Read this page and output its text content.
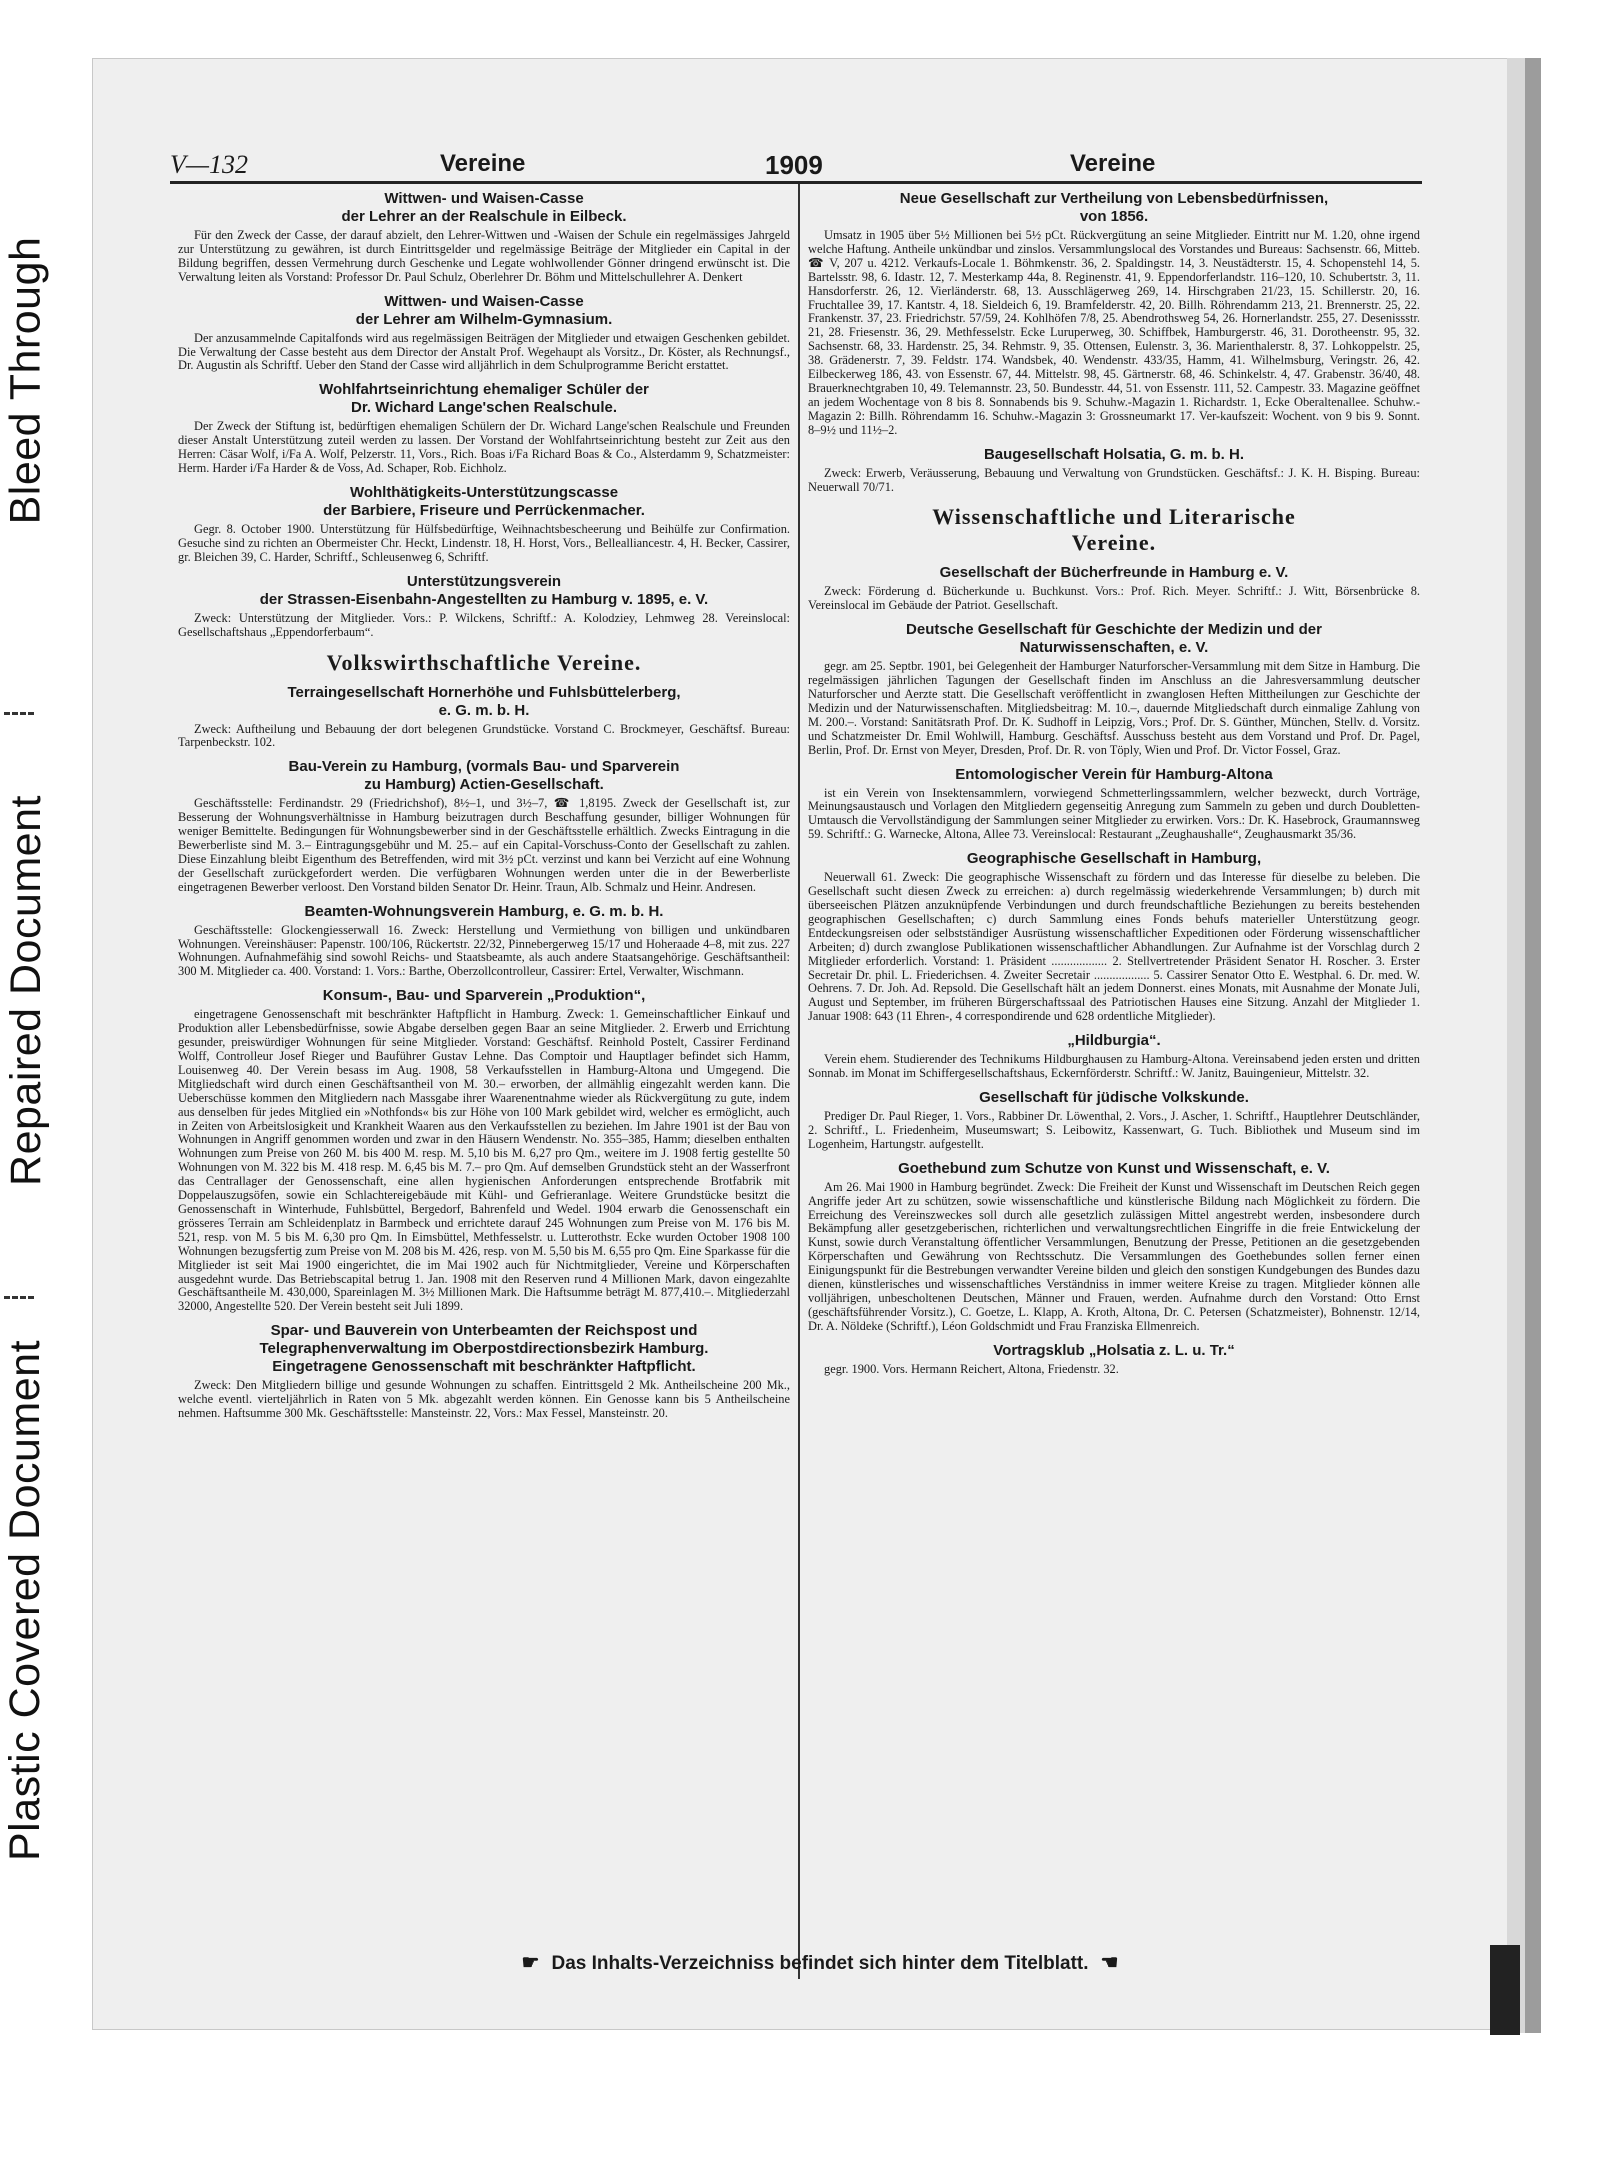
Bleed Through
Repaired Document
Plastic Covered Document
V—132	Vereine	1909	Vereine
Wittwen- und Waisen-Casse
der Lehrer an der Realschule in Eilbeck.

Für den Zweck der Casse, der darauf abzielt, den Lehrer-Wittwen und -Waisen der Schule ein regelmässiges Jahrgeld zur Unterstützung zu gewähren, ist durch Eintrittsgelder und regelmässige Beiträge der Mitglieder ein Capital in der Bildung begriffen, dessen Vermehrung durch Geschenke und Legate wohlwollender Gönner dringend erwünscht ist. Die Verwaltung leiten als Vorstand: Professor Dr. Paul Schulz, Oberlehrer Dr. Böhm und Mittelschullehrer A. Denkert

Wittwen- und Waisen-Casse
der Lehrer am Wilhelm-Gymnasium.

Der anzusammelnde Capitalfonds wird aus regelmässigen Beiträgen der Mitglieder und etwaigen Geschenken gebildet. Die Verwaltung der Casse besteht aus dem Director der Anstalt Prof. Wegehaupt als Vorsitz., Dr. Köster, als Rechnungsf., Dr. Augustin als Schriftf. Ueber den Stand der Casse wird alljährlich in dem Schulprogramme Bericht erstattet.

Wohlfahrtseinrichtung ehemaliger Schüler der
Dr. Wichard Lange'schen Realschule.

Der Zweck der Stiftung ist, bedürftigen ehemaligen Schülern der Dr. Wichard Lange'schen Realschule und Freunden dieser Anstalt Unterstützung zuteil werden zu lassen. Der Vorstand der Wohlfahrtseinrichtung besteht zur Zeit aus den Herren: Cäsar Wolf, i/Fa A. Wolf, Pelzerstr. 11, Vors., Rich. Boas i/Fa Richard Boas & Co., Alsterdamm 9, Schatzmeister: Herm. Harder i/Fa Harder & de Voss, Ad. Schaper, Rob. Eichholz.

Wohlthätigkeits-Unterstützungscasse
der Barbiere, Friseure und Perrückenmacher.

Gegr. 8. October 1900. Unterstützung für Hülfsbedürftige, Weihnachtsbescheerung und Beihülfe zur Confirmation. Gesuche sind zu richten an Obermeister Chr. Heckt, Lindenstr. 18, H. Horst, Vors., Bellealliancestr. 4, H. Becker, Cassirer, gr. Bleichen 39, C. Harder, Schriftf., Schleusenweg 6, Schriftf.

Unterstützungsverein
der Strassen-Eisenbahn-Angestellten zu Hamburg v. 1895, e. V.

Zweck: Unterstützung der Mitglieder. Vors.: P. Wilckens, Schriftf.: A. Kolodziey, Lehmweg 28. Vereinslocal: Gesellschaftshaus „Eppendorferbaum“.

Volkswirthschaftliche Vereine.
Terraingesellschaft Hornerhöhe und Fuhlsbüttelerberg,
e. G. m. b. H.

Zweck: Auftheilung und Bebauung der dort belegenen Grundstücke. Vorstand C. Brockmeyer, Geschäftsf. Bureau: Tarpenbeckstr. 102.

Bau-Verein zu Hamburg, (vormals Bau- und Sparverein
zu Hamburg) Actien-Gesellschaft.

Geschäftsstelle: Ferdinandstr. 29 (Friedrichshof), 8½–1, und 3½–7, ☎ 1,8195. Zweck der Gesellschaft ist, zur Besserung der Wohnungsverhältnisse in Hamburg beizutragen durch Beschaffung gesunder, billiger Wohnungen für weniger Bemittelte. Bedingungen für Wohnungsbewerber sind in der Geschäftsstelle erhältlich. Zwecks Eintragung in die Bewerberliste sind M. 3.– Eintragungsgebühr und M. 25.– auf ein Capital-Vorschuss-Conto der Gesellschaft zu zahlen. Diese Einzahlung bleibt Eigenthum des Betreffenden, wird mit 3½ pCt. verzinst und kann bei Verzicht auf eine Wohnung der Gesellschaft zurückgefordert werden. Die verfügbaren Wohnungen werden unter die in der Bewerberliste eingetragenen Bewerber verloost. Den Vorstand bilden Senator Dr. Heinr. Traun, Alb. Schmalz und Heinr. Andresen.

Beamten-Wohnungsverein Hamburg, e. G. m. b. H.

Geschäftsstelle: Glockengiesserwall 16. Zweck: Herstellung und Vermiethung von billigen und unkündbaren Wohnungen. Vereinshäuser: Papenstr. 100/106, Rückertstr. 22/32, Pinnebergerweg 15/17 und Hoheraade 4–8, mit zus. 227 Wohnungen. Aufnahmefähig sind sowohl Reichs- und Staatsbeamte, als auch andere Staatsangehörige. Geschäftsantheil: 300 M. Mitglieder ca. 400. Vorstand: 1. Vors.: Barthe, Oberzollcontrolleur, Cassirer: Ertel, Verwalter, Wischmann.

Konsum-, Bau- und Sparverein „Produktion“,

eingetragene Genossenschaft mit beschränkter Haftpflicht in Hamburg. Zweck: 1. Gemeinschaftlicher Einkauf und Produktion aller Lebensbedürfnisse, sowie Abgabe derselben gegen Baar an seine Mitglieder. 2. Erwerb und Errichtung gesunder, preiswürdiger Wohnungen für seine Mitglieder. Vorstand: Geschäftsf. Reinhold Postelt, Cassirer Ferdinand Wolff, Controlleur Josef Rieger und Bauführer Gustav Lehne. Das Comptoir und Hauptlager befindet sich Hamm, Louisenweg 40. Der Verein besass im Aug. 1908, 58 Verkaufsstellen in Hamburg-Altona und Umgegend. Die Mitgliedschaft wird durch einen Geschäftsantheil von M. 30.– erworben, der allmählig eingezahlt werden kann. Die Ueberschüsse kommen den Mitgliedern nach Massgabe ihrer Waarenentnahme wieder als Rückvergütung zu gute, indem aus denselben für jedes Mitglied ein »Nothfonds« bis zur Höhe von 100 Mark gebildet wird, welcher es ermöglicht, auch in Zeiten von Arbeitslosigkeit und Krankheit Waaren aus den Verkaufsstellen zu beziehen. Im Jahre 1901 ist der Bau von Wohnungen in Angriff genommen worden und zwar in den Häusern Wendenstr. No. 355–385, Hamm; dieselben enthalten Wohnungen zum Preise von 260 M. bis 400 M. resp. M. 5,10 bis M. 6,27 pro Qm., weitere im J. 1908 fertig gestellte 50 Wohnungen von M. 322 bis M. 418 resp. M. 6,45 bis M. 7.– pro Qm. Auf demselben Grundstück steht an der Wasserfront das Centrallager der Genossenschaft, eine allen hygienischen Anforderungen entsprechende Brotfabrik mit Doppelauszugsöfen, sowie ein Schlachtereigebäude mit Kühl- und Gefrieranlage. Weitere Grundstücke besitzt die Genossenschaft in Winterhude, Fuhlsbüttel, Bergedorf, Bahrenfeld und Wedel. 1904 erwarb die Genossenschaft ein grösseres Terrain am Schleidenplatz in Barmbeck und errichtete darauf 245 Wohnungen zum Preise von M. 176 bis M. 521, resp. von M. 5 bis M. 6,30 pro Qm. In Eimsbüttel, Methfesselstr. u. Lutterothstr. Ecke wurden October 1908 100 Wohnungen bezugsfertig zum Preise von M. 208 bis M. 426, resp. von M. 5,50 bis M. 6,55 pro Qm. Eine Sparkasse für die Mitglieder ist seit Mai 1900 eingerichtet, die im Mai 1902 auch für Nichtmitglieder, Vereine und Körperschaften ausgedehnt wurde. Das Betriebscapital betrug 1. Jan. 1908 mit den Reserven rund 4 Millionen Mark, davon eingezahlte Geschäftsantheile M. 430,000, Spareinlagen M. 3½ Millionen Mark. Die Haftsumme beträgt M. 877,410.–. Mitgliederzahl 32000, Angestellte 520. Der Verein besteht seit Juli 1899.

Spar- und Bauverein von Unterbeamten der Reichspost und
Telegraphenverwaltung im Oberpostdirectionsbezirk Hamburg.
Eingetragene Genossenschaft mit beschränkter Haftpflicht.

Zweck: Den Mitgliedern billige und gesunde Wohnungen zu schaffen. Eintrittsgeld 2 Mk. Antheilscheine 200 Mk., welche eventl. vierteljährlich in Raten von 5 Mk. abgezahlt werden können. Ein Genosse kann bis 5 Antheilscheine nehmen. Haftsumme 300 Mk. Geschäftsstelle: Mansteinstr. 22, Vors.: Max Fessel, Mansteinstr. 20.

Neue Gesellschaft zur Vertheilung von Lebensbedürfnissen,
von 1856.

Umsatz in 1905 über 5½ Millionen bei 5½ pCt. Rückvergütung an seine Mitglieder. Eintritt nur M. 1.20, ohne irgend welche Haftung. Antheile unkündbar und zinslos. Versammlungslocal des Vorstandes und Bureaus: Sachsenstr. 66, Mitteb. ☎ V, 207 u. 4212. Verkaufs-Locale 1. Böhmkenstr. 36, 2. Spaldingstr. 14, 3. Neustädterstr. 15, 4. Schopenstehl 14, 5. Bartelsstr. 98, 6. Idastr. 12, 7. Mesterkamp 44a, 8. Reginenstr. 41, 9. Eppendorferlandstr. 116–120, 10. Schubertstr. 3, 11. Hansdorferstr. 26, 12. Vierländerstr. 68, 13. Ausschlägerweg 269, 14. Hirschgraben 21/23, 15. Schillerstr. 20, 16. Fruchtallee 39, 17. Kantstr. 4, 18. Sieldeich 6, 19. Bramfelderstr. 42, 20. Billh. Röhrendamm 213, 21. Brennerstr. 25, 22. Frankenstr. 37, 23. Friedrichstr. 57/59, 24. Kohlhöfen 7/8, 25. Abendrothsweg 54, 26. Hornerlandstr. 255, 27. Desenissstr. 21, 28. Friesenstr. 36, 29. Methfesselstr. Ecke Luruperweg, 30. Schiffbek, Hamburgerstr. 46, 31. Dorotheenstr. 95, 32. Sachsenstr. 68, 33. Hardenstr. 25, 34. Rehmstr. 9, 35. Ottensen, Eulenstr. 3, 36. Marienthalerstr. 8, 37. Lohkoppelstr. 25, 38. Grädenerstr. 7, 39. Feldstr. 174. Wandsbek, 40. Wendenstr. 433/35, Hamm, 41. Wilhelmsburg, Veringstr. 26, 42. Eilbeckerweg 186, 43. von Essenstr. 67, 44. Mittelstr. 98, 45. Gärtnerstr. 68, 46. Schinkelstr. 4, 47. Grabenstr. 36/40, 48. Brauerknechtgraben 10, 49. Telemannstr. 23, 50. Bundesstr. 44, 51. von Essenstr. 111, 52. Campestr. 33. Magazine geöffnet an jedem Wochentage von 8 bis 8. Sonnabends bis 9. Schuhw.-Magazin 1. Richardstr. 1, Ecke Oberaltenallee. Schuhw.-Magazin 2: Billh. Röhrendamm 16. Schuhw.-Magazin 3: Grossneumarkt 17. Ver-kaufszeit: Wochent. von 9 bis 9. Sonnt. 8–9½ und 11½–2.

Baugesellschaft Holsatia, G. m. b. H.

Zweck: Erwerb, Veräusserung, Bebauung und Verwaltung von Grundstücken. Geschäftsf.: J. K. H. Bisping. Bureau: Neuerwall 70/71.

Wissenschaftliche und Literarische
Vereine.
Gesellschaft der Bücherfreunde in Hamburg e. V.

Zweck: Förderung d. Bücherkunde u. Buchkunst. Vors.: Prof. Rich. Meyer. Schriftf.: J. Witt, Börsenbrücke 8. Vereinslocal im Gebäude der Patriot. Gesellschaft.

Deutsche Gesellschaft für Geschichte der Medizin und der
Naturwissenschaften, e. V.

gegr. am 25. Septbr. 1901, bei Gelegenheit der Hamburger Naturforscher-Versammlung mit dem Sitze in Hamburg. Die regelmässigen jährlichen Tagungen der Gesellschaft finden im Anschluss an die Jahresversammlung deutscher Naturforscher und Aerzte statt. Die Gesellschaft veröffentlicht in zwanglosen Heften Mittheilungen zur Geschichte der Medizin und der Naturwissenschaften. Mitgliedsbeitrag: M. 10.–, dauernde Mitgliedschaft durch einmalige Zahlung von M. 200.–. Vorstand: Sanitätsrath Prof. Dr. K. Sudhoff in Leipzig, Vors.; Prof. Dr. S. Günther, München, Stellv. d. Vorsitz. und Schatzmeister Dr. Emil Wohlwill, Hamburg. Geschäftsf. Ausschuss besteht aus dem Vorstand und Prof. Dr. Pagel, Berlin, Prof. Dr. Ernst von Meyer, Dresden, Prof. Dr. R. von Töply, Wien und Prof. Dr. Victor Fossel, Graz.

Entomologischer Verein für Hamburg-Altona

ist ein Verein von Insektensammlern, vorwiegend Schmetterlingssammlern, welcher bezweckt, durch Vorträge, Meinungsaustausch und Vorlagen den Mitgliedern gegenseitig Anregung zum Sammeln zu geben und durch Doubletten-Umtausch die Vervollständigung der Sammlungen seiner Mitglieder zu erwirken. Vors.: Dr. K. Hasebrock, Graumannsweg 59. Schriftf.: G. Warnecke, Altona, Allee 73. Vereinslocal: Restaurant „Zeughaushalle“, Zeughausmarkt 35/36.

Geographische Gesellschaft in Hamburg,

Neuerwall 61. Zweck: Die geographische Wissenschaft zu fördern und das Interesse für dieselbe zu beleben. Die Gesellschaft sucht diesen Zweck zu erreichen: a) durch regelmässig wiederkehrende Versammlungen; b) durch mit überseeischen Plätzen anzuknüpfende Verbindungen und durch freundschaftliche Beziehungen zu bereits bestehenden geographischen Gesellschaften; c) durch Sammlung eines Fonds behufs materieller Unterstützung geogr. Entdeckungsreisen oder selbstständiger Ausrüstung wissenschaftlicher Expeditionen oder Förderung wissenschaftlicher Arbeiten; d) durch zwanglose Publikationen wissenschaftlicher Abhandlungen. Zur Aufnahme ist der Vorschlag durch 2 Mitglieder erforderlich. Vorstand: 1. Präsident .................. 2. Stellvertretender Präsident Senator H. Roscher. 3. Erster Secretair Dr. phil. L. Friederichsen. 4. Zweiter Secretair .................. 5. Cassirer Senator Otto E. Westphal. 6. Dr. med. W. Oehrens. 7. Dr. Joh. Ad. Repsold. Die Gesellschaft hält an jedem Donnerst. eines Monats, mit Ausnahme der Monate Juli, August und September, im früheren Bürgerschaftssaal des Patriotischen Hauses eine Sitzung. Anzahl der Mitglieder 1. Januar 1908: 643 (11 Ehren-, 4 correspondirende und 628 ordentliche Mitglieder).

„Hildburgia“.

Verein ehem. Studierender des Technikums Hildburghausen zu Hamburg-Altona. Vereinsabend jeden ersten und dritten Sonnab. im Monat im Schiffergesellschaftshaus, Eckernförderstr. Schriftf.: W. Janitz, Bauingenieur, Mittelstr. 32.

Gesellschaft für jüdische Volkskunde.

Prediger Dr. Paul Rieger, 1. Vors., Rabbiner Dr. Löwenthal, 2. Vors., J. Ascher, 1. Schriftf., Hauptlehrer Deutschländer, 2. Schriftf., L. Friedenheim, Museumswart; S. Leibowitz, Kassenwart, G. Tuch. Bibliothek und Museum sind im Logenheim, Hartungstr. aufgestellt.

Goethebund zum Schutze von Kunst und Wissenschaft, e. V.

Am 26. Mai 1900 in Hamburg begründet. Zweck: Die Freiheit der Kunst und Wissenschaft im Deutschen Reich gegen Angriffe jeder Art zu schützen, sowie wissenschaftliche und künstlerische Bildung nach Möglichkeit zu fördern. Die Erreichung des Vereinszweckes soll durch alle gesetzlich zulässigen Mittel angestrebt werden, insbesondere durch Bekämpfung aller gesetzgeberischen, richterlichen und verwaltungsrechtlichen Eingriffe in die freie Entwickelung der Kunst, sowie durch Veranstaltung öffentlicher Versammlungen, Benutzung der Presse, Petitionen an die gesetzgebenden Körperschaften und Gewährung von Rechtsschutz. Die Versammlungen des Goethebundes sollen ferner einen Einigungspunkt für die Bestrebungen verwandter Vereine bilden und gleich den sonstigen Kundgebungen des Bundes dazu dienen, künstlerisches und wissenschaftliches Verständniss in immer weitere Kreise zu tragen. Mitglieder können alle volljährigen, unbescholtenen Deutschen, Männer und Frauen, werden. Aufnahme durch den Vorstand: Otto Ernst (geschäftsführender Vorsitz.), C. Goetze, L. Klapp, A. Kroth, Altona, Dr. C. Petersen (Schatzmeister), Bohnenstr. 12/14, Dr. A. Nöldeke (Schriftf.), Léon Goldschmidt und Frau Franziska Ellmenreich.

Vortragsklub „Holsatia z. L. u. Tr.“

gegr. 1900. Vors. Hermann Reichert, Altona, Friedenstr. 32.

☛ Das Inhalts-Verzeichniss befindet sich hinter dem Titelblatt. ☚
